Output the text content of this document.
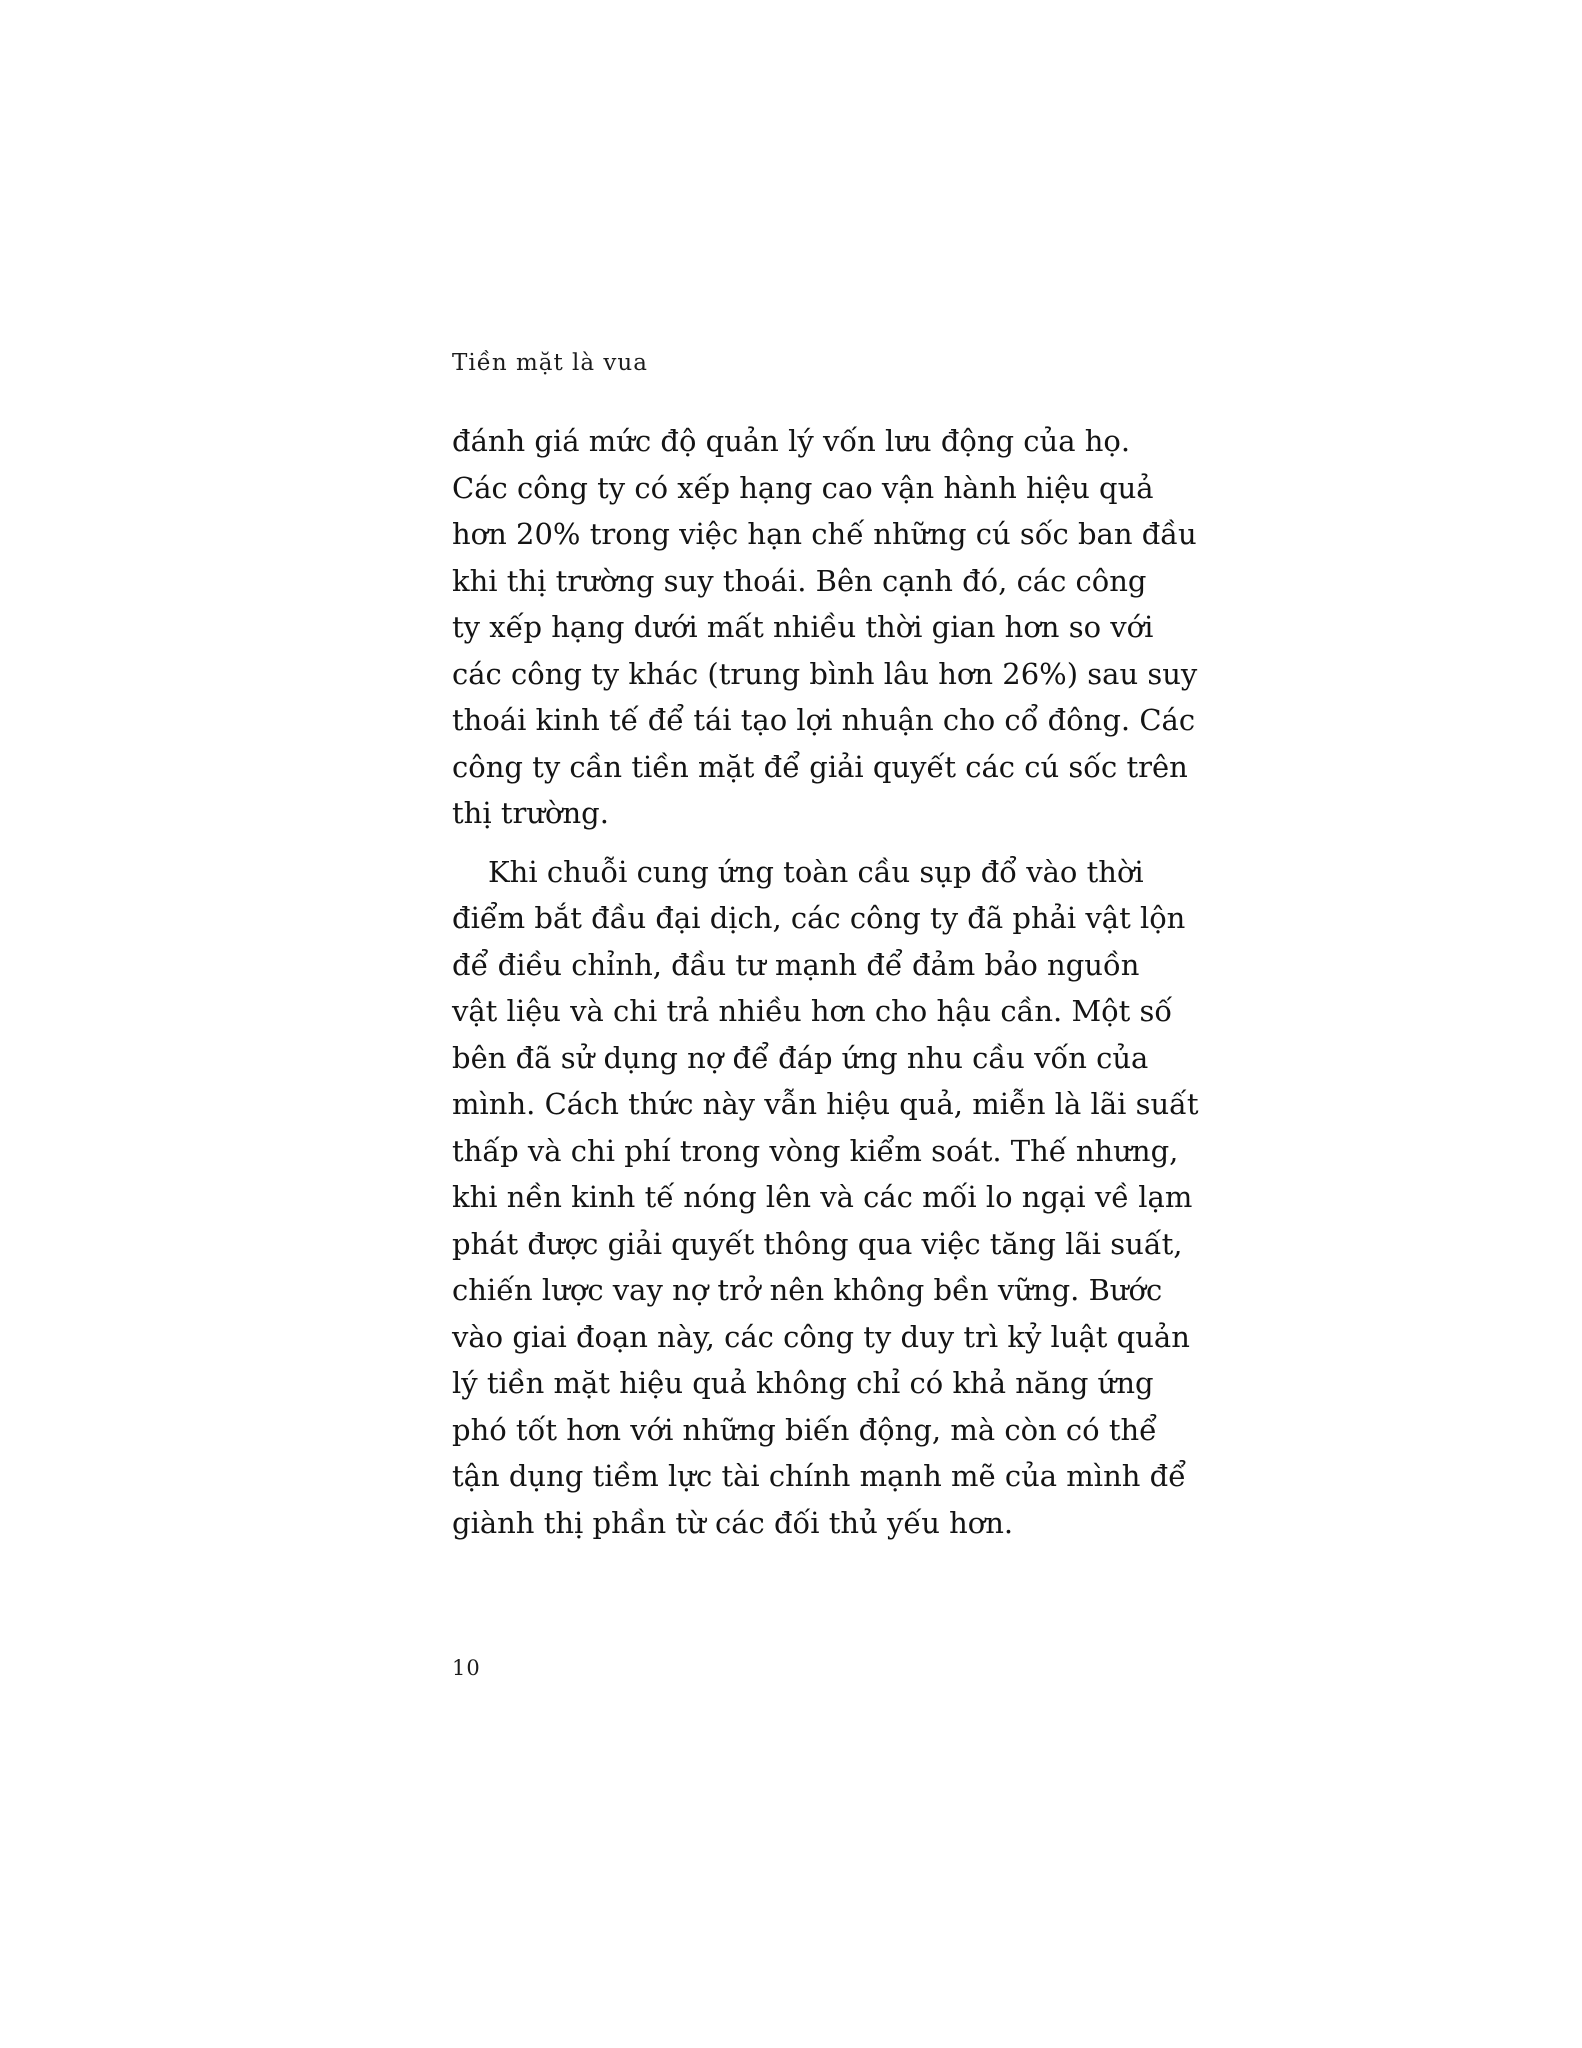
Tiền mặt là vua
đánh giá mức độ quản lý vốn lưu động của họ.
Các công ty có xếp hạng cao vận hành hiệu quả
hơn 20% trong việc hạn chế những cú sốc ban đầu
khi thị trường suy thoái. Bên cạnh đó, các công
ty xếp hạng dưới mất nhiều thời gian hơn so với
các công ty khác (trung bình lâu hơn 26%) sau suy
thoái kinh tế để tái tạo lợi nhuận cho cổ đông. Các
công ty cần tiền mặt để giải quyết các cú sốc trên
thị trường.
Khi chuỗi cung ứng toàn cầu sụp đổ vào thời
điểm bắt đầu đại dịch, các công ty đã phải vật lộn
để điều chỉnh, đầu tư mạnh để đảm bảo nguồn
vật liệu và chi trả nhiều hơn cho hậu cần. Một số
bên đã sử dụng nợ để đáp ứng nhu cầu vốn của
mình. Cách thức này vẫn hiệu quả, miễn là lãi suất
thấp và chi phí trong vòng kiểm soát. Thế nhưng,
khi nền kinh tế nóng lên và các mối lo ngại về lạm
phát được giải quyết thông qua việc tăng lãi suất,
chiến lược vay nợ trở nên không bền vững. Bước
vào giai đoạn này, các công ty duy trì kỷ luật quản
lý tiền mặt hiệu quả không chỉ có khả năng ứng
phó tốt hơn với những biến động, mà còn có thể
tận dụng tiềm lực tài chính mạnh mẽ của mình để
giành thị phần từ các đối thủ yếu hơn.
10
